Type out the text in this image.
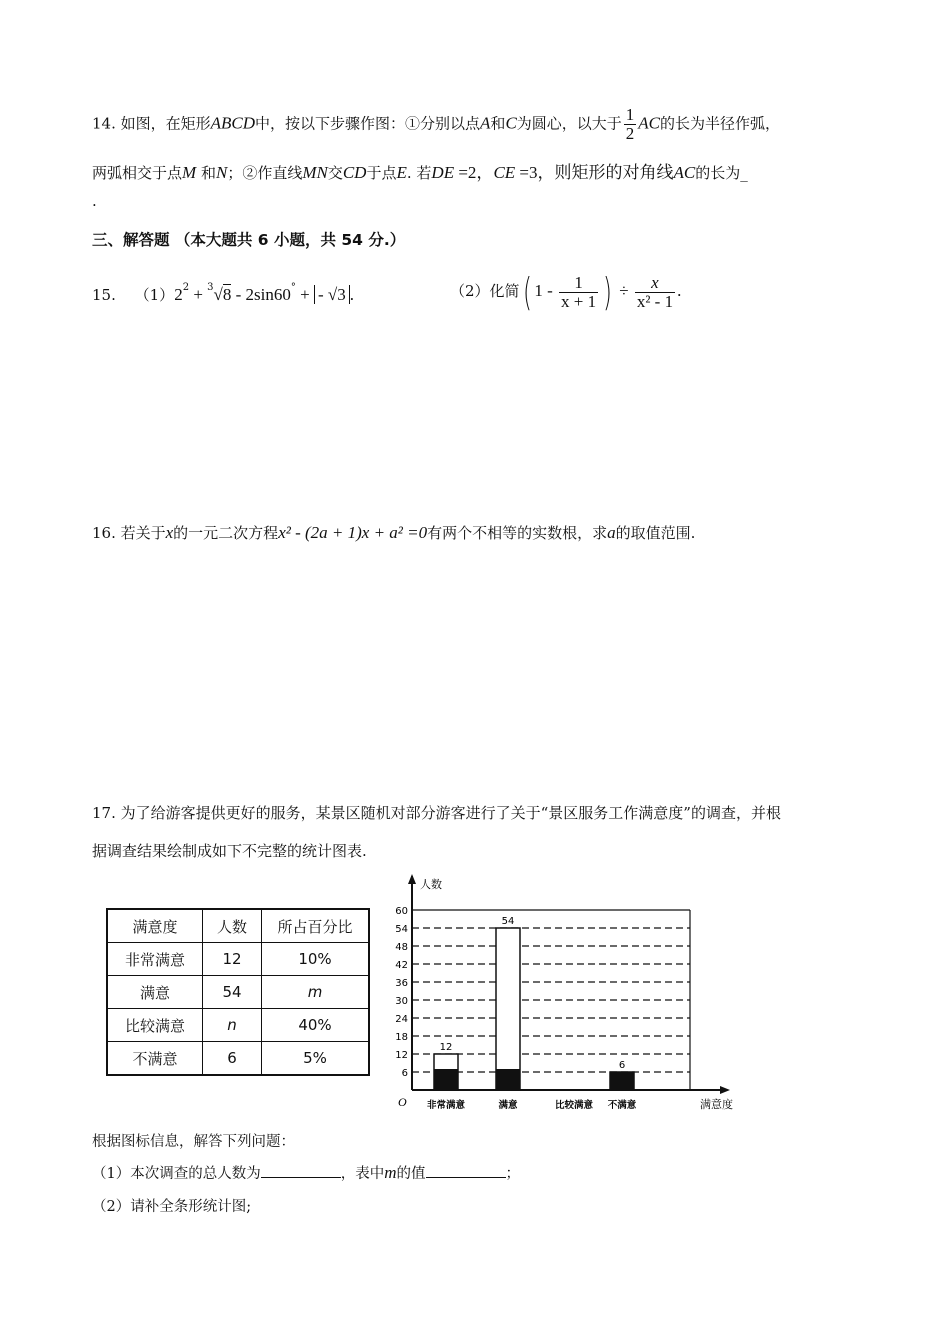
14. 如图，在矩形ABCD中，按以下步骤作图：①分别以点A和C为圆心，以大于 $\frac{1}{2}$ AC的长为半径作弧，
两弧相交于点M 和N；②作直线MN交CD于点E. 若DE =2，CE =3，则矩形的对角线AC的长为_
.
三、解答题 （本大题共 6 小题，共 54 分.）
15. $(1)2^2 + ^3√8 - 2\sin 60^\circ$ + - √3 .	（2）化简( $1 - \frac{1}{x + 1}$ ) ÷ $\frac{x}{\text{x² - 1}}$ .
16. 若关于x的一元二次方程x² - (2a + 1)x + a² =0有两个不相等的实数根，求a的取值范围.
17. 为了给游客提供更好的服务，某景区随机对部分游客进行了关于“景区服务工作满意度”的调查，并根
据调查结果绘制成如下不完整的统计图表.
满意度	人数	所占百分比
非常满意	12	10%
满意	54	m
比较满意	n	40%
不满意	6	5%
人数
满意度
O
6
12
18
24
30
36
42
48
54
60
12
54
6
非常满意	满意	比较满意 不满意
根据图标信息，解答下列问题：
（1）本次调查的总人数为	，表中m的值	；
（2）请补全条形统计图;
